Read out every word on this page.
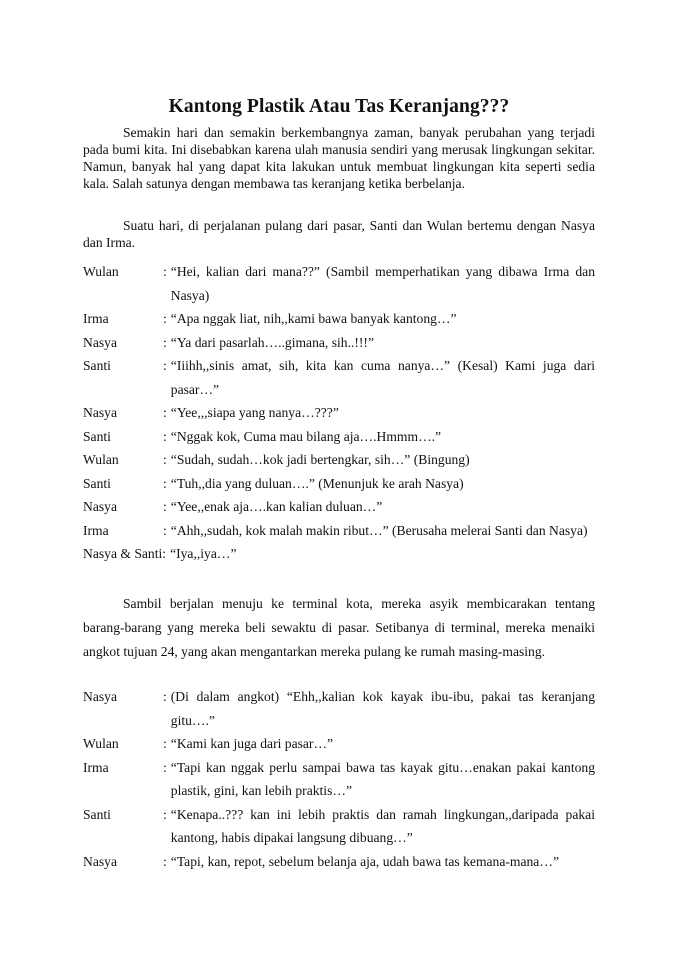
Kantong Plastik Atau Tas Keranjang???

Semakin hari dan semakin berkembangnya zaman, banyak perubahan yang terjadi pada bumi kita. Ini disebabkan karena ulah manusia sendiri yang merusak lingkungan sekitar. Namun, banyak hal yang dapat kita lakukan untuk membuat lingkungan kita seperti sedia kala. Salah satunya dengan membawa tas keranjang ketika berbelanja.

Suatu hari, di perjalanan pulang dari pasar, Santi dan Wulan bertemu dengan Nasya dan Irma.

Wulan	: “Hei, kalian dari mana??” (Sambil memperhatikan yang dibawa Irma dan Nasya)
Irma	: “Apa nggak liat, nih,,kami bawa banyak kantong…”
Nasya	: “Ya dari pasarlah…..gimana, sih..!!!”
Santi	: “Iiihh,,sinis amat, sih, kita kan cuma nanya…” (Kesal) Kami juga dari pasar…”
Nasya	: “Yee,,,siapa yang nanya…???”
Santi	: “Nggak kok, Cuma mau bilang aja….Hmmm….”
Wulan	: “Sudah, sudah…kok jadi bertengkar, sih…” (Bingung)
Santi	: “Tuh,,dia yang duluan….” (Menunjuk ke arah Nasya)
Nasya	: “Yee,,enak aja….kan kalian duluan…”
Irma	: “Ahh,,sudah, kok malah makin ribut…” (Berusaha melerai Santi dan Nasya)
Nasya & Santi : “Iya,,iya…”

Sambil berjalan menuju ke terminal kota, mereka asyik membicarakan tentang barang-barang yang mereka beli sewaktu di pasar. Setibanya di terminal, mereka menaiki angkot tujuan 24, yang akan mengantarkan mereka pulang ke rumah masing-masing.

Nasya	: (Di dalam angkot) “Ehh,,kalian kok kayak ibu-ibu, pakai tas keranjang gitu….”
Wulan	: “Kami kan juga dari pasar…”
Irma	: “Tapi kan nggak perlu sampai bawa tas kayak gitu…enakan pakai kantong plastik, gini, kan lebih praktis…”
Santi	: “Kenapa..??? kan ini lebih praktis dan ramah lingkungan,,daripada pakai kantong, habis dipakai langsung dibuang…”
Nasya	: “Tapi, kan, repot, sebelum belanja aja, udah bawa tas kemana-mana…”
